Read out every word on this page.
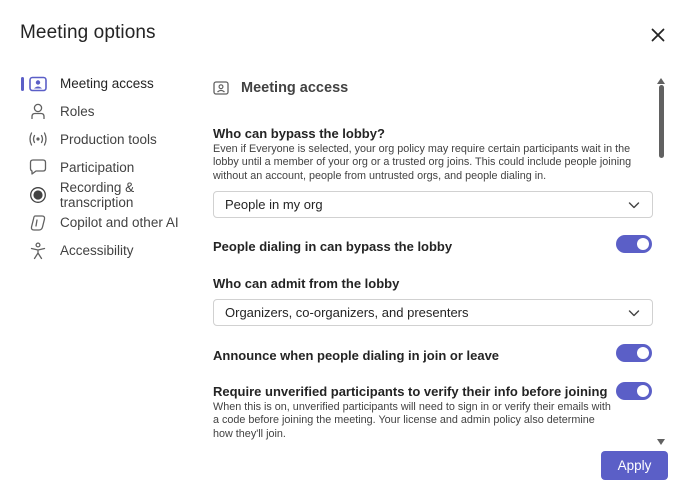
Meeting options
Meeting access
Roles
Production tools
Participation
Recording & transcription
Copilot and other AI
Accessibility
Meeting access
Who can bypass the lobby?
Even if Everyone is selected, your org policy may require certain participants wait in the lobby until a member of your org or a trusted org joins. This could include people joining without an account, people from untrusted orgs, and people dialing in.
People in my org
People dialing in can bypass the lobby
Who can admit from the lobby
Organizers, co-organizers, and presenters
Announce when people dialing in join or leave
Require unverified participants to verify their info before joining
When this is on, unverified participants will need to sign in or verify their emails with a code before joining the meeting. Your license and admin policy also determine how they'll join.
Apply
